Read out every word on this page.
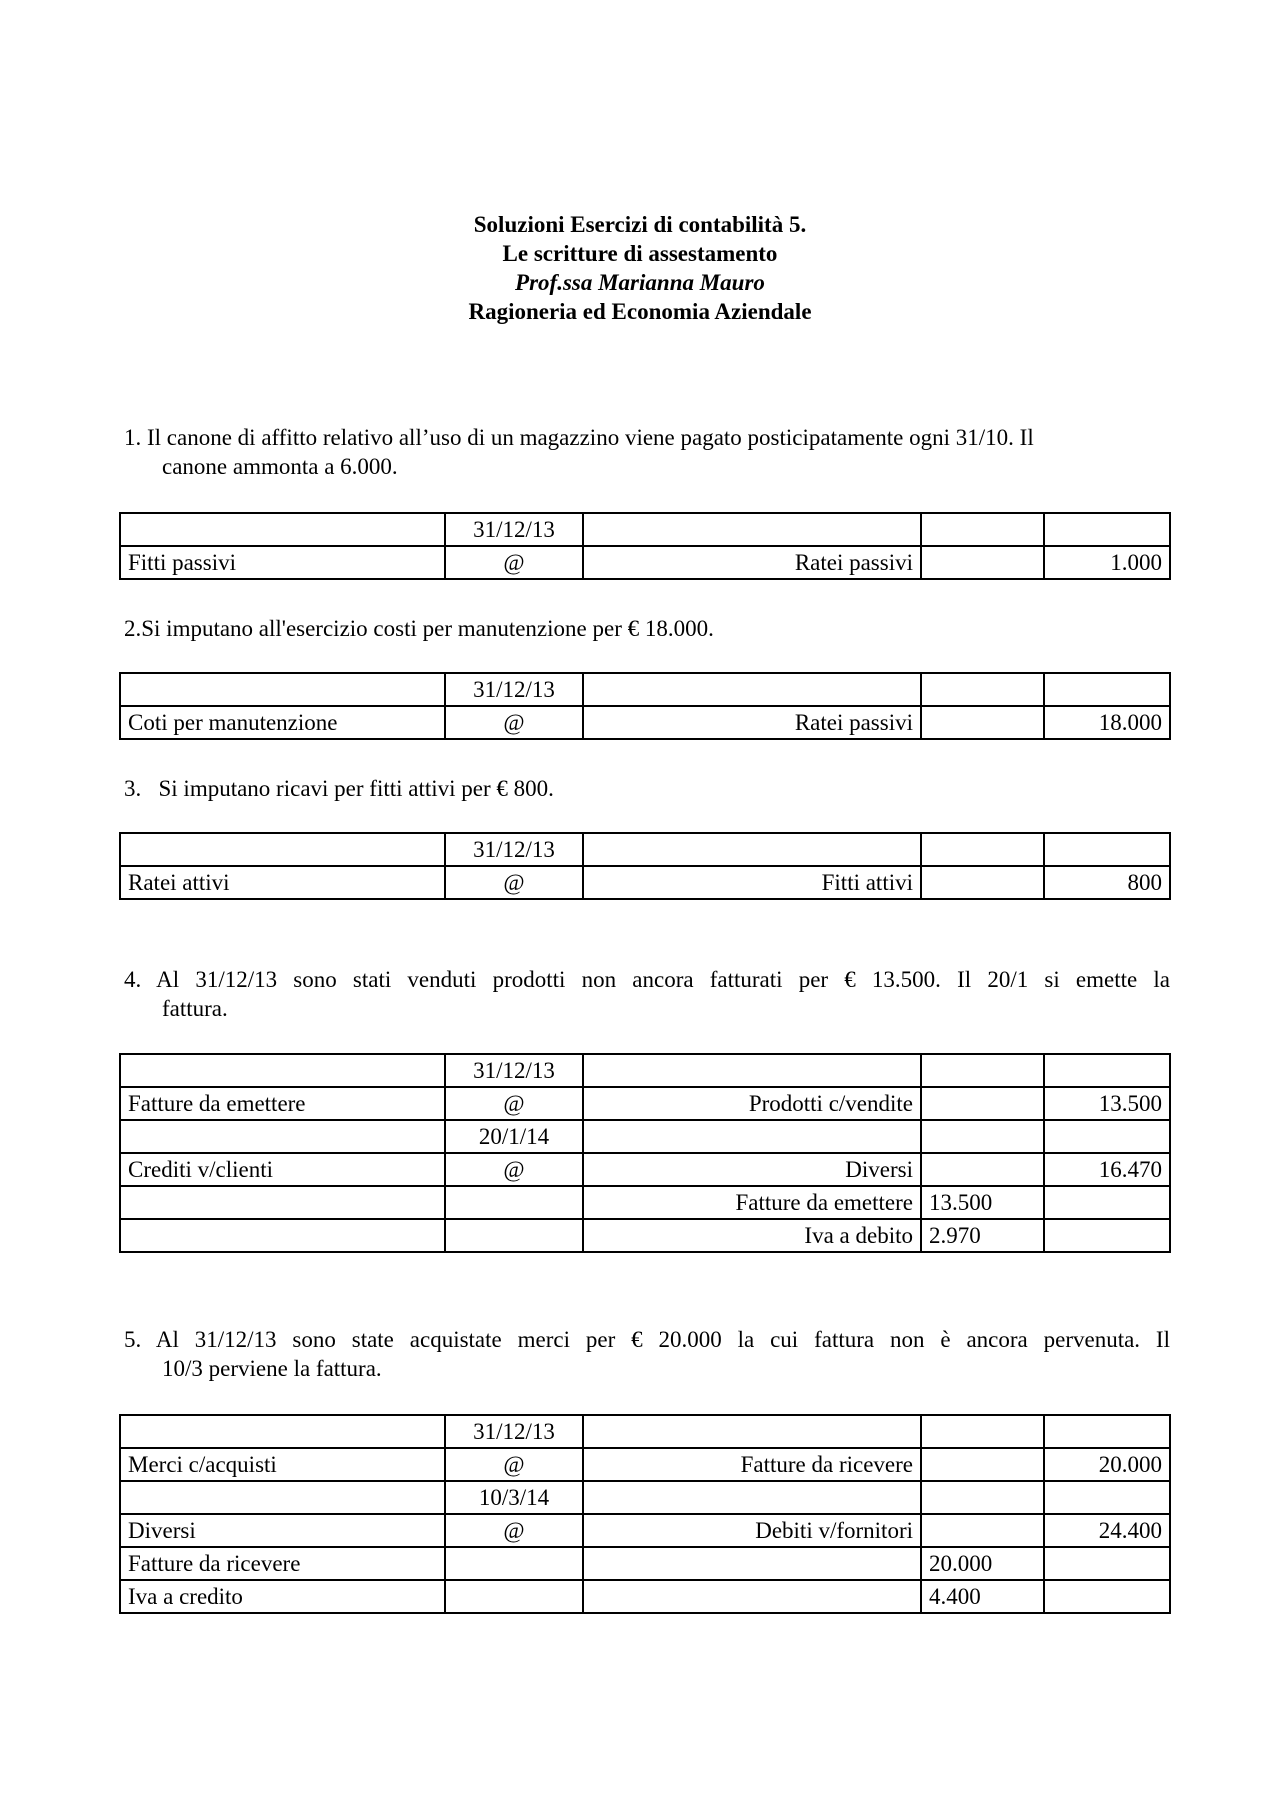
Soluzioni Esercizi di contabilità 5.
Le scritture di assestamento
Prof.ssa Marianna Mauro
Ragioneria ed Economia Aziendale
1. Il canone di affitto relativo all’uso di un magazzino viene pagato posticipatamente ogni 31/10. Il
canone ammonta a 6.000.
	31/12/13			
Fitti passivi	@	Ratei passivi		1.000
2.Si imputano all'esercizio costi per manutenzione per € 18.000.
	31/12/13			
Coti per manutenzione	@	Ratei passivi		18.000
3.   Si imputano ricavi per fitti attivi per € 800.
	31/12/13			
Ratei attivi	@	Fitti attivi		800
4. Al 31/12/13 sono stati venduti prodotti non ancora fatturati per € 13.500. Il 20/1 si emette la
fattura.
	31/12/13			
Fatture da emettere	@	Prodotti c/vendite		13.500
	20/1/14			
Crediti v/clienti	@	Diversi		16.470
		Fatture da emettere	13.500	
		Iva a debito	2.970	
5. Al 31/12/13 sono state acquistate merci per € 20.000 la cui fattura non è ancora pervenuta. Il
10/3 perviene la fattura.
	31/12/13			
Merci c/acquisti	@	Fatture da ricevere		20.000
	10/3/14			
Diversi	@	Debiti v/fornitori		24.400
Fatture da ricevere			20.000	
Iva a credito			4.400	
